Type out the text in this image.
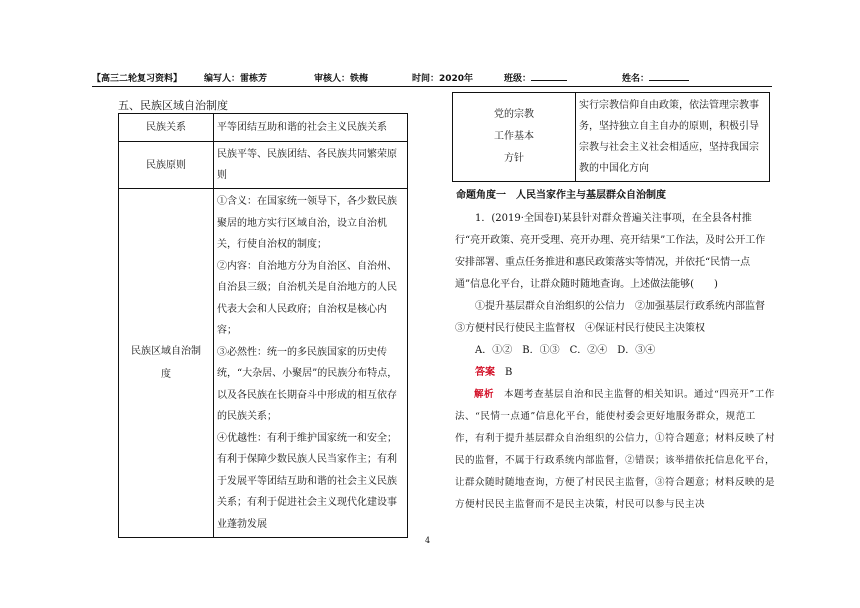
【高三二轮复习资料】 编写人：雷栋芳	审核人：铁梅	时间：2020年	班级：	姓名：
五、民族区域自治制度
民族关系	平等团结互助和谐的社会主义民族关系
民族原则	民族平等、民族团结、各民族共同繁荣原则
民族区域自治制度	①含义：在国家统一领导下，各少数民族聚居的地方实行区域自治，设立自治机关，行使自治权的制度；
②内容：自治地方分为自治区、自治州、自治县三级；自治机关是自治地方的人民代表大会和人民政府；自治权是核心内容；
③必然性：统一的多民族国家的历史传统，“大杂居、小聚居”的民族分布特点，以及各民族在长期奋斗中形成的相互依存的民族关系；
④优越性：有利于维护国家统一和安全；有利于保障少数民族人民当家作主；有利于发展平等团结互助和谐的社会主义民族关系；有利于促进社会主义现代化建设事业蓬勃发展
党的宗教
工作基本
方针
	实行宗教信仰自由政策，依法管理宗教事务，坚持独立自主自办的原则，积极引导宗教与社会主义社会相适应，坚持我国宗教的中国化方向

命题角度一　人民当家作主与基层群众自治制度

1．(2019·全国卷Ⅰ)某县针对群众普遍关注事项，在全县各村推行“亮开政策、亮开受理、亮开办理、亮开结果”工作法，及时公开工作安排部署、重点任务推进和惠民政策落实等情况，并依托“民情一点通”信息化平台，让群众随时随地查询。上述做法能够(　　)

①提升基层群众自治组织的公信力　②加强基层行政系统内部监督

③方便村民行使民主监督权　④保证村民行使民主决策权

A．①②　B．①③　C．②④　D．③④

答案　 B

解析　 本题考查基层自治和民主监督的相关知识。通过“四亮开”工作法、“民情一点通”信息化平台，能使村委会更好地服务群众，规范工作，有利于提升基层群众自治组织的公信力，①符合题意；材料反映了村民的监督，不属于行政系统内部监督，②错误；该举措依托信息化平台，让群众随时随地查询，方便了村民民主监督，③符合题意；材料反映的是方便村民民主监督而不是民主决策，村民可以参与民主决

4
